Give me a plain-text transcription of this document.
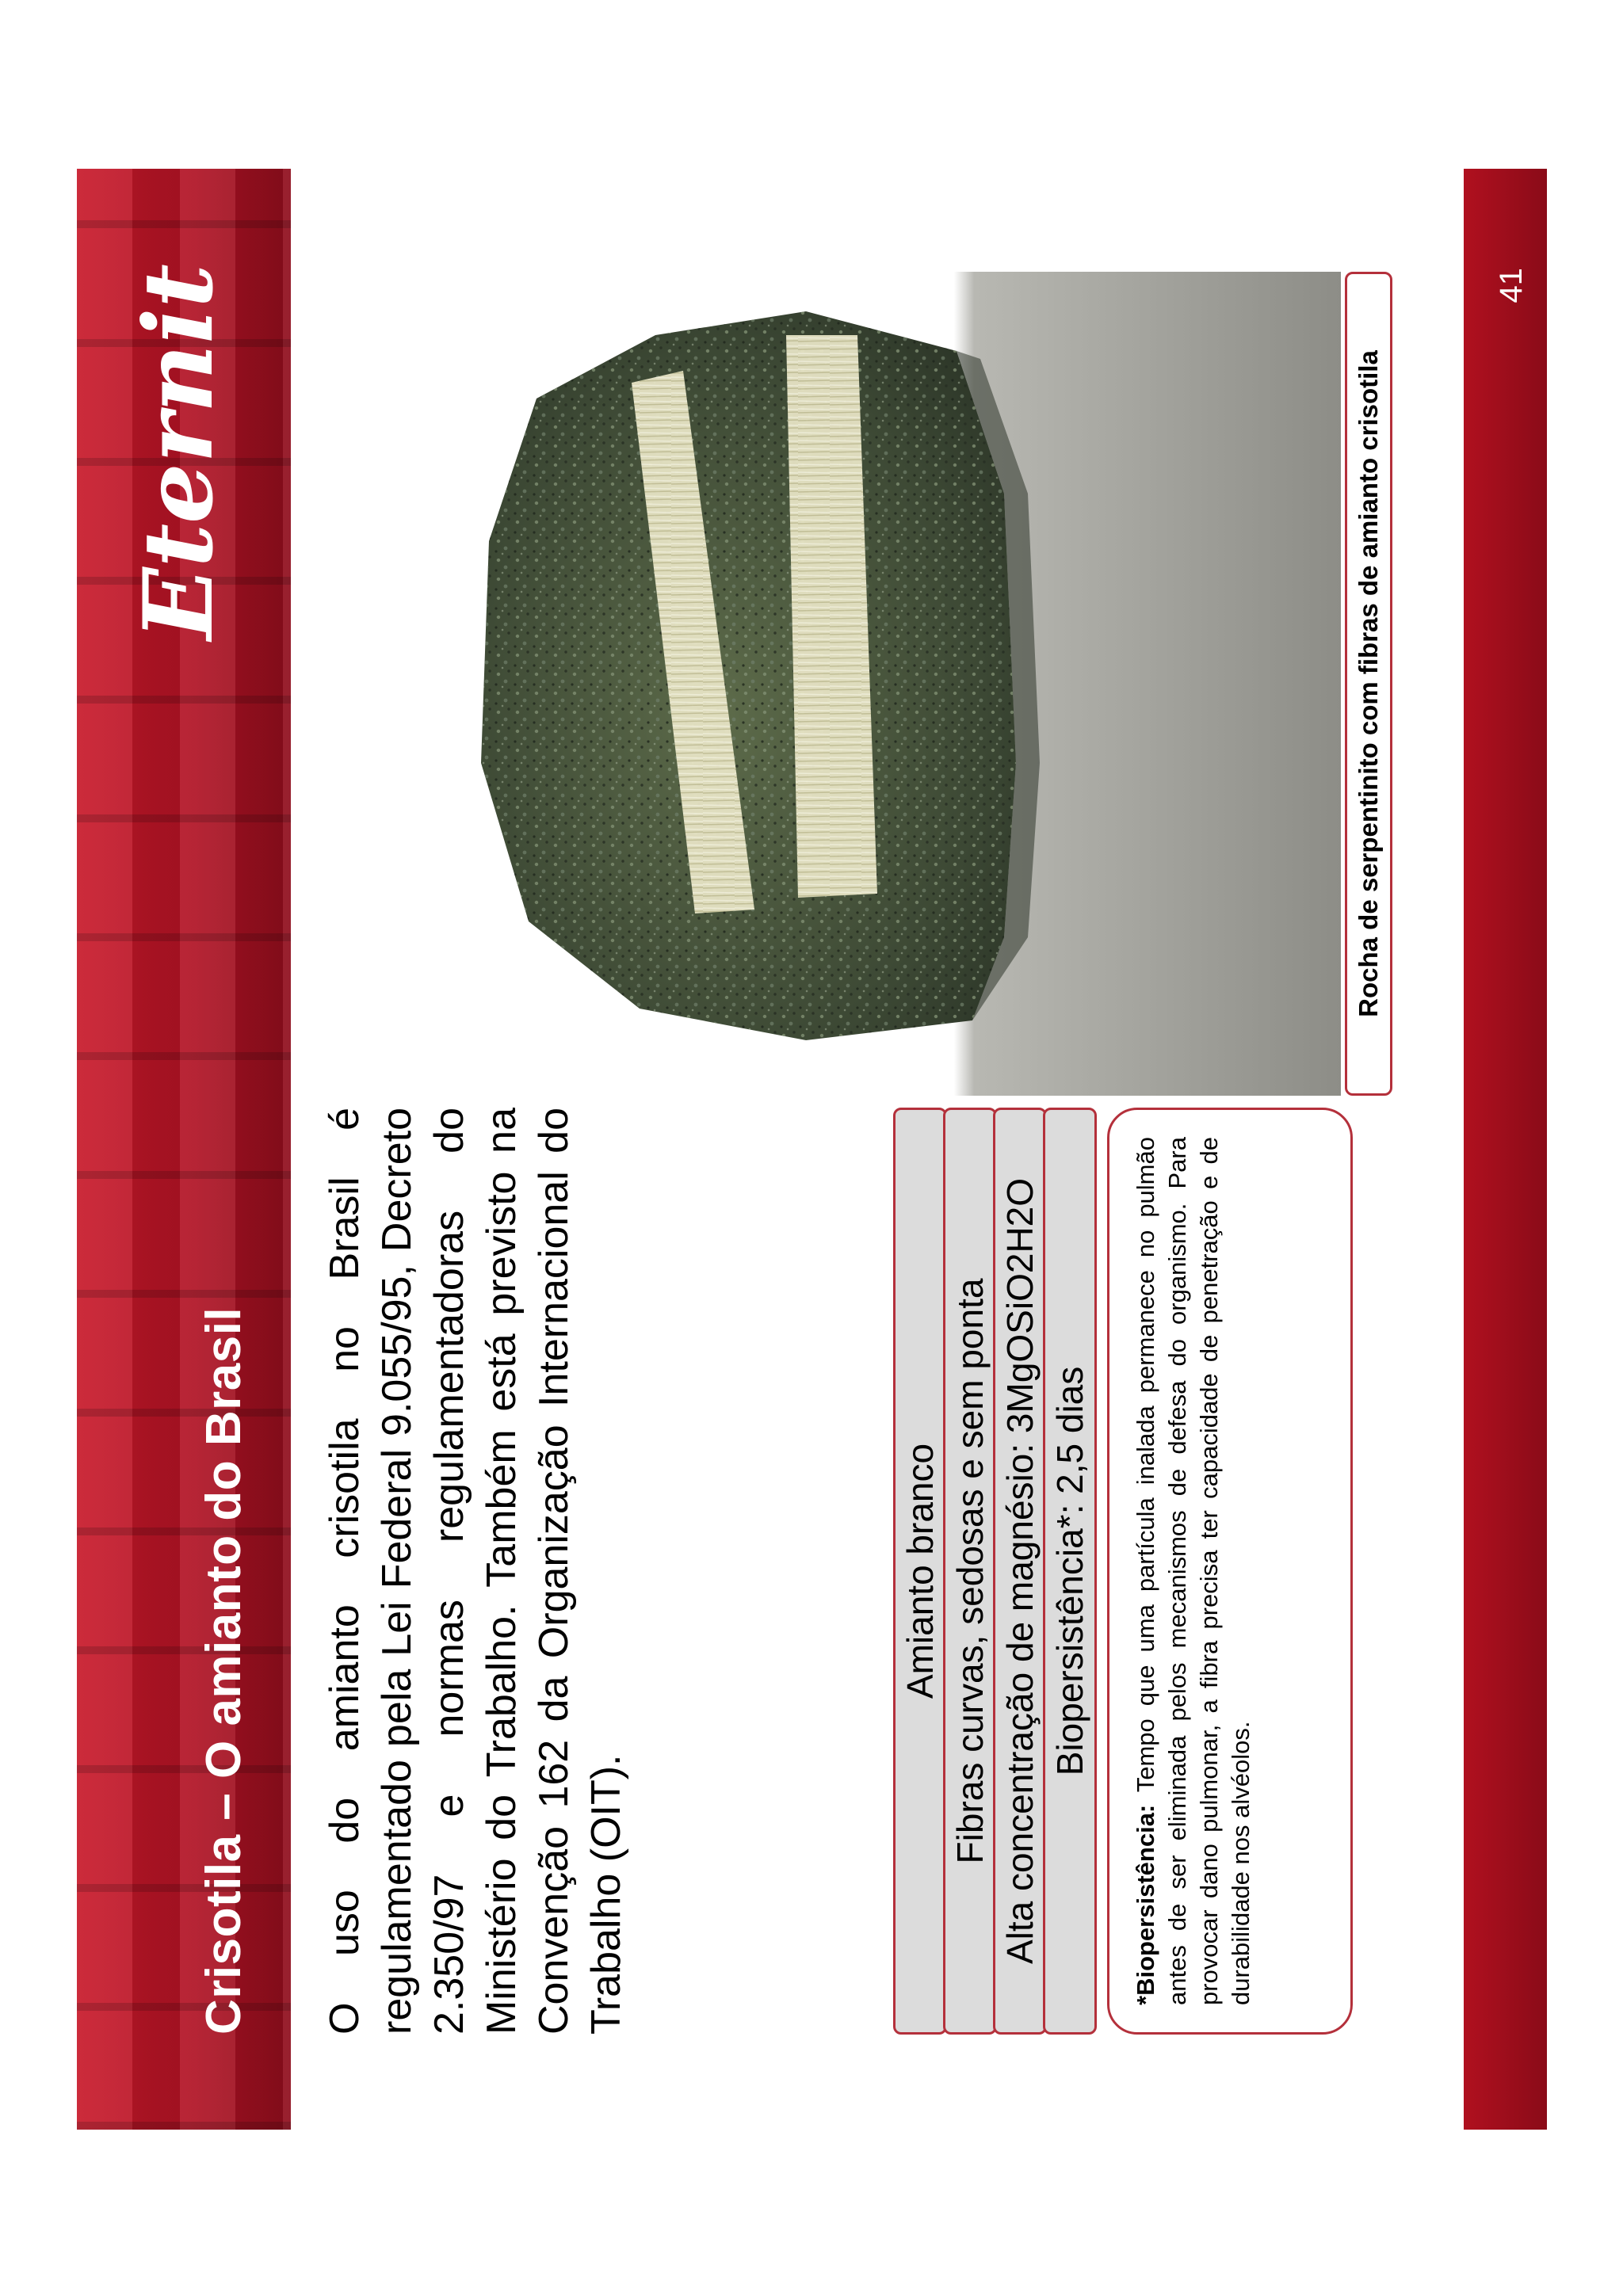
Crisotila – O amianto do Brasil
Eternit

O uso do amianto crisotila no Brasil é regulamentado pela Lei Federal 9.055/95, Decreto 2.350/97 e normas regulamentadoras do Ministério do Trabalho. Também está previsto na Convenção 162 da Organização Internacional do Trabalho (OIT).

Amianto branco Fibras curvas, sedosas e sem ponta Alta concentração de magnésio: 3MgOSiO2H2O Biopersistência*: 2,5 dias
*Biopersistência: Tempo que uma partícula inalada permanece no pulmão antes de ser eliminada pelos mecanismos de defesa do organismo. Para provocar dano pulmonar, a fibra precisa ter capacidade de penetração e de durabilidade nos alvéolos.
Rocha de serpentinito com fibras de amianto crisotila
41
